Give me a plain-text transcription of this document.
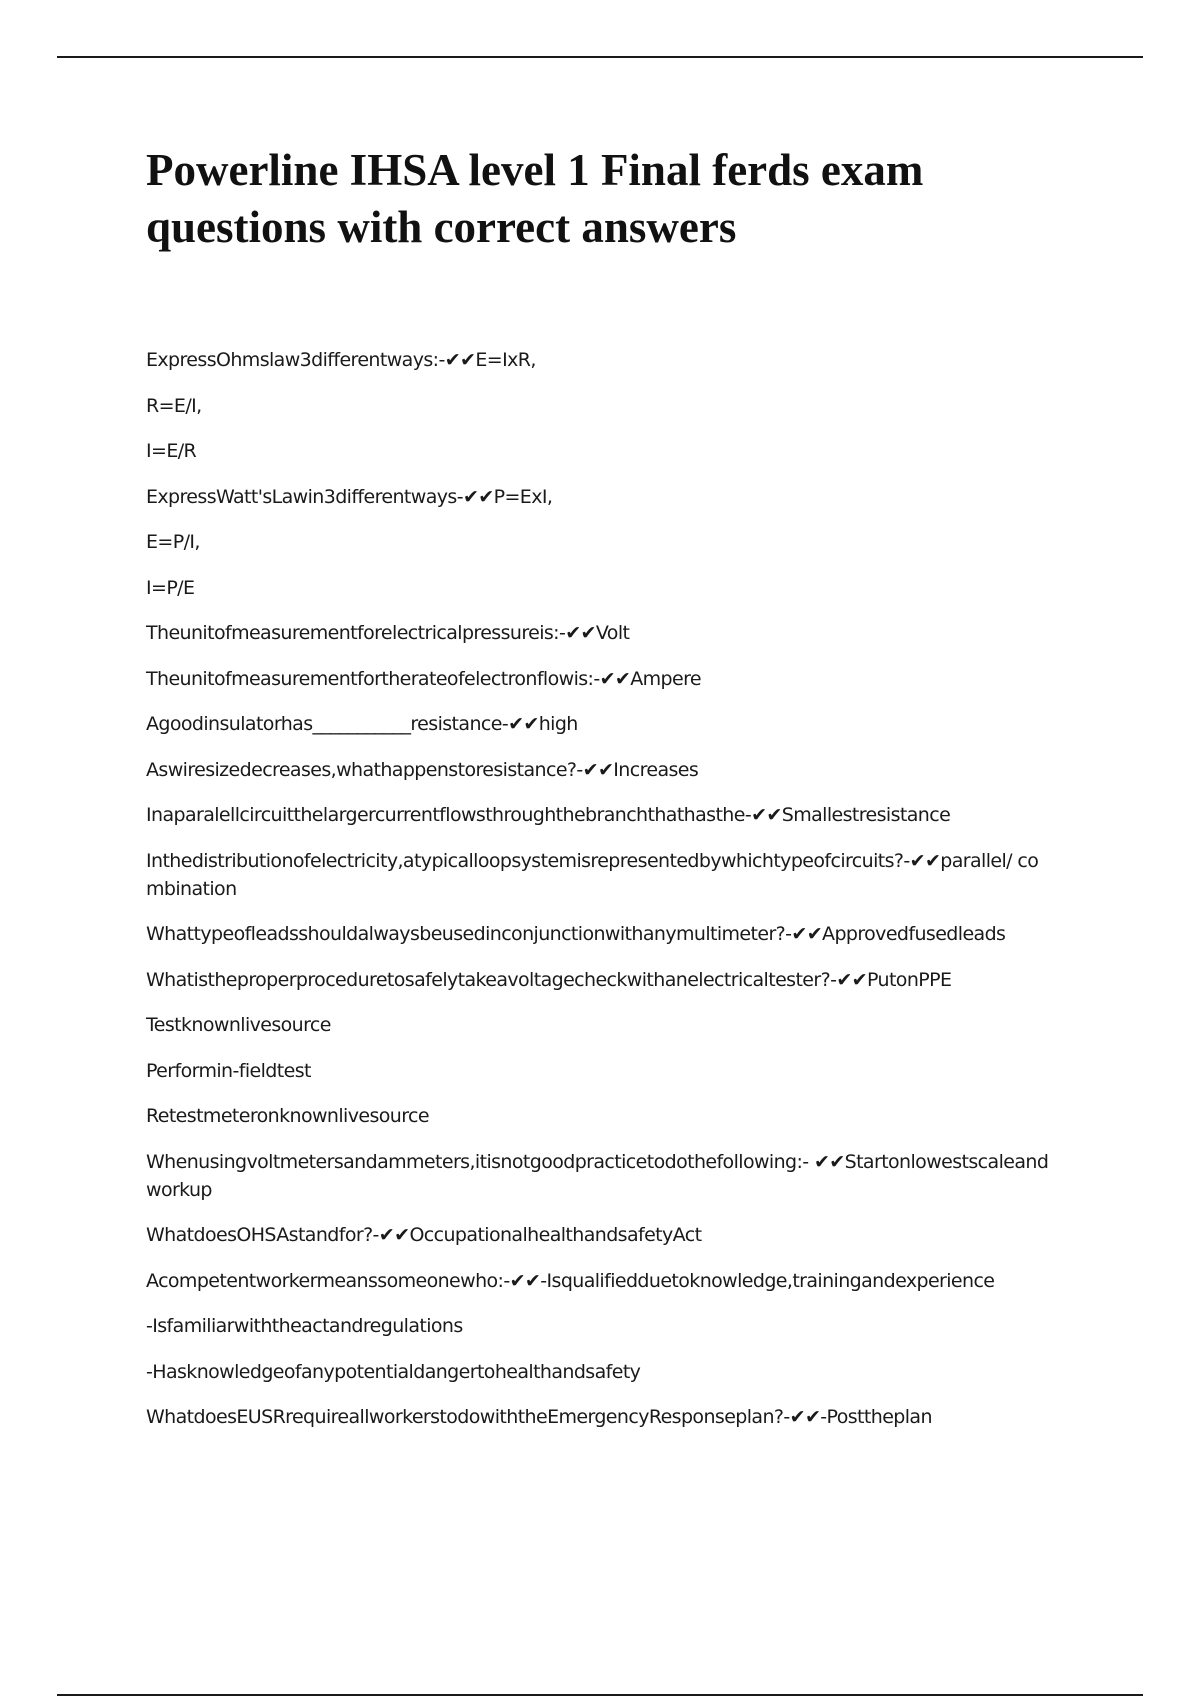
Powerline IHSA level 1 Final ferds exam questions with correct answers

ExpressOhmslaw3differentways:-✔✔E=IxR,

R=E/I,

I=E/R

ExpressWatt'sLawin3differentways-✔✔P=ExI,

E=P/I,

I=P/E

Theunitofmeasurementforelectricalpressureis:-✔✔Volt

Theunitofmeasurementfortherateofelectronflowis:-✔✔Ampere

Agoodinsulatorhas___________resistance-✔✔high

Aswiresizedecreases,whathappenstoresistance?-✔✔Increases

Inaparalellcircuitthelargercurrentflowsthroughthebranchthathasthe-✔✔Smallestresistance

Inthedistributionofelectricity,atypicalloopsystemisrepresentedbywhichtypeofcircuits?-✔✔parallel/ combination

Whattypeofleadsshouldalwaysbeusedinconjunctionwithanymultimeter?-✔✔Approvedfusedleads

Whatistheproperproceduretosafelytakeavoltagecheckwithanelectricaltester?-✔✔PutonPPE

Testknownlivesource

Performin-fieldtest

Retestmeteronknownlivesource

Whenusingvoltmetersandammeters,itisnotgoodpracticetodothefollowing:- ✔✔Startonlowestscaleandworkup

WhatdoesOHSAstandfor?-✔✔OccupationalhealthandsafetyAct

Acompetentworkermeanssomeonewho:-✔✔-Isqualifiedduetoknowledge,trainingandexperience

-Isfamiliarwiththeactandregulations

-Hasknowledgeofanypotentialdangertohealthandsafety

WhatdoesEUSRrequireallworkerstodowiththeEmergencyResponseplan?-✔✔-Posttheplan
